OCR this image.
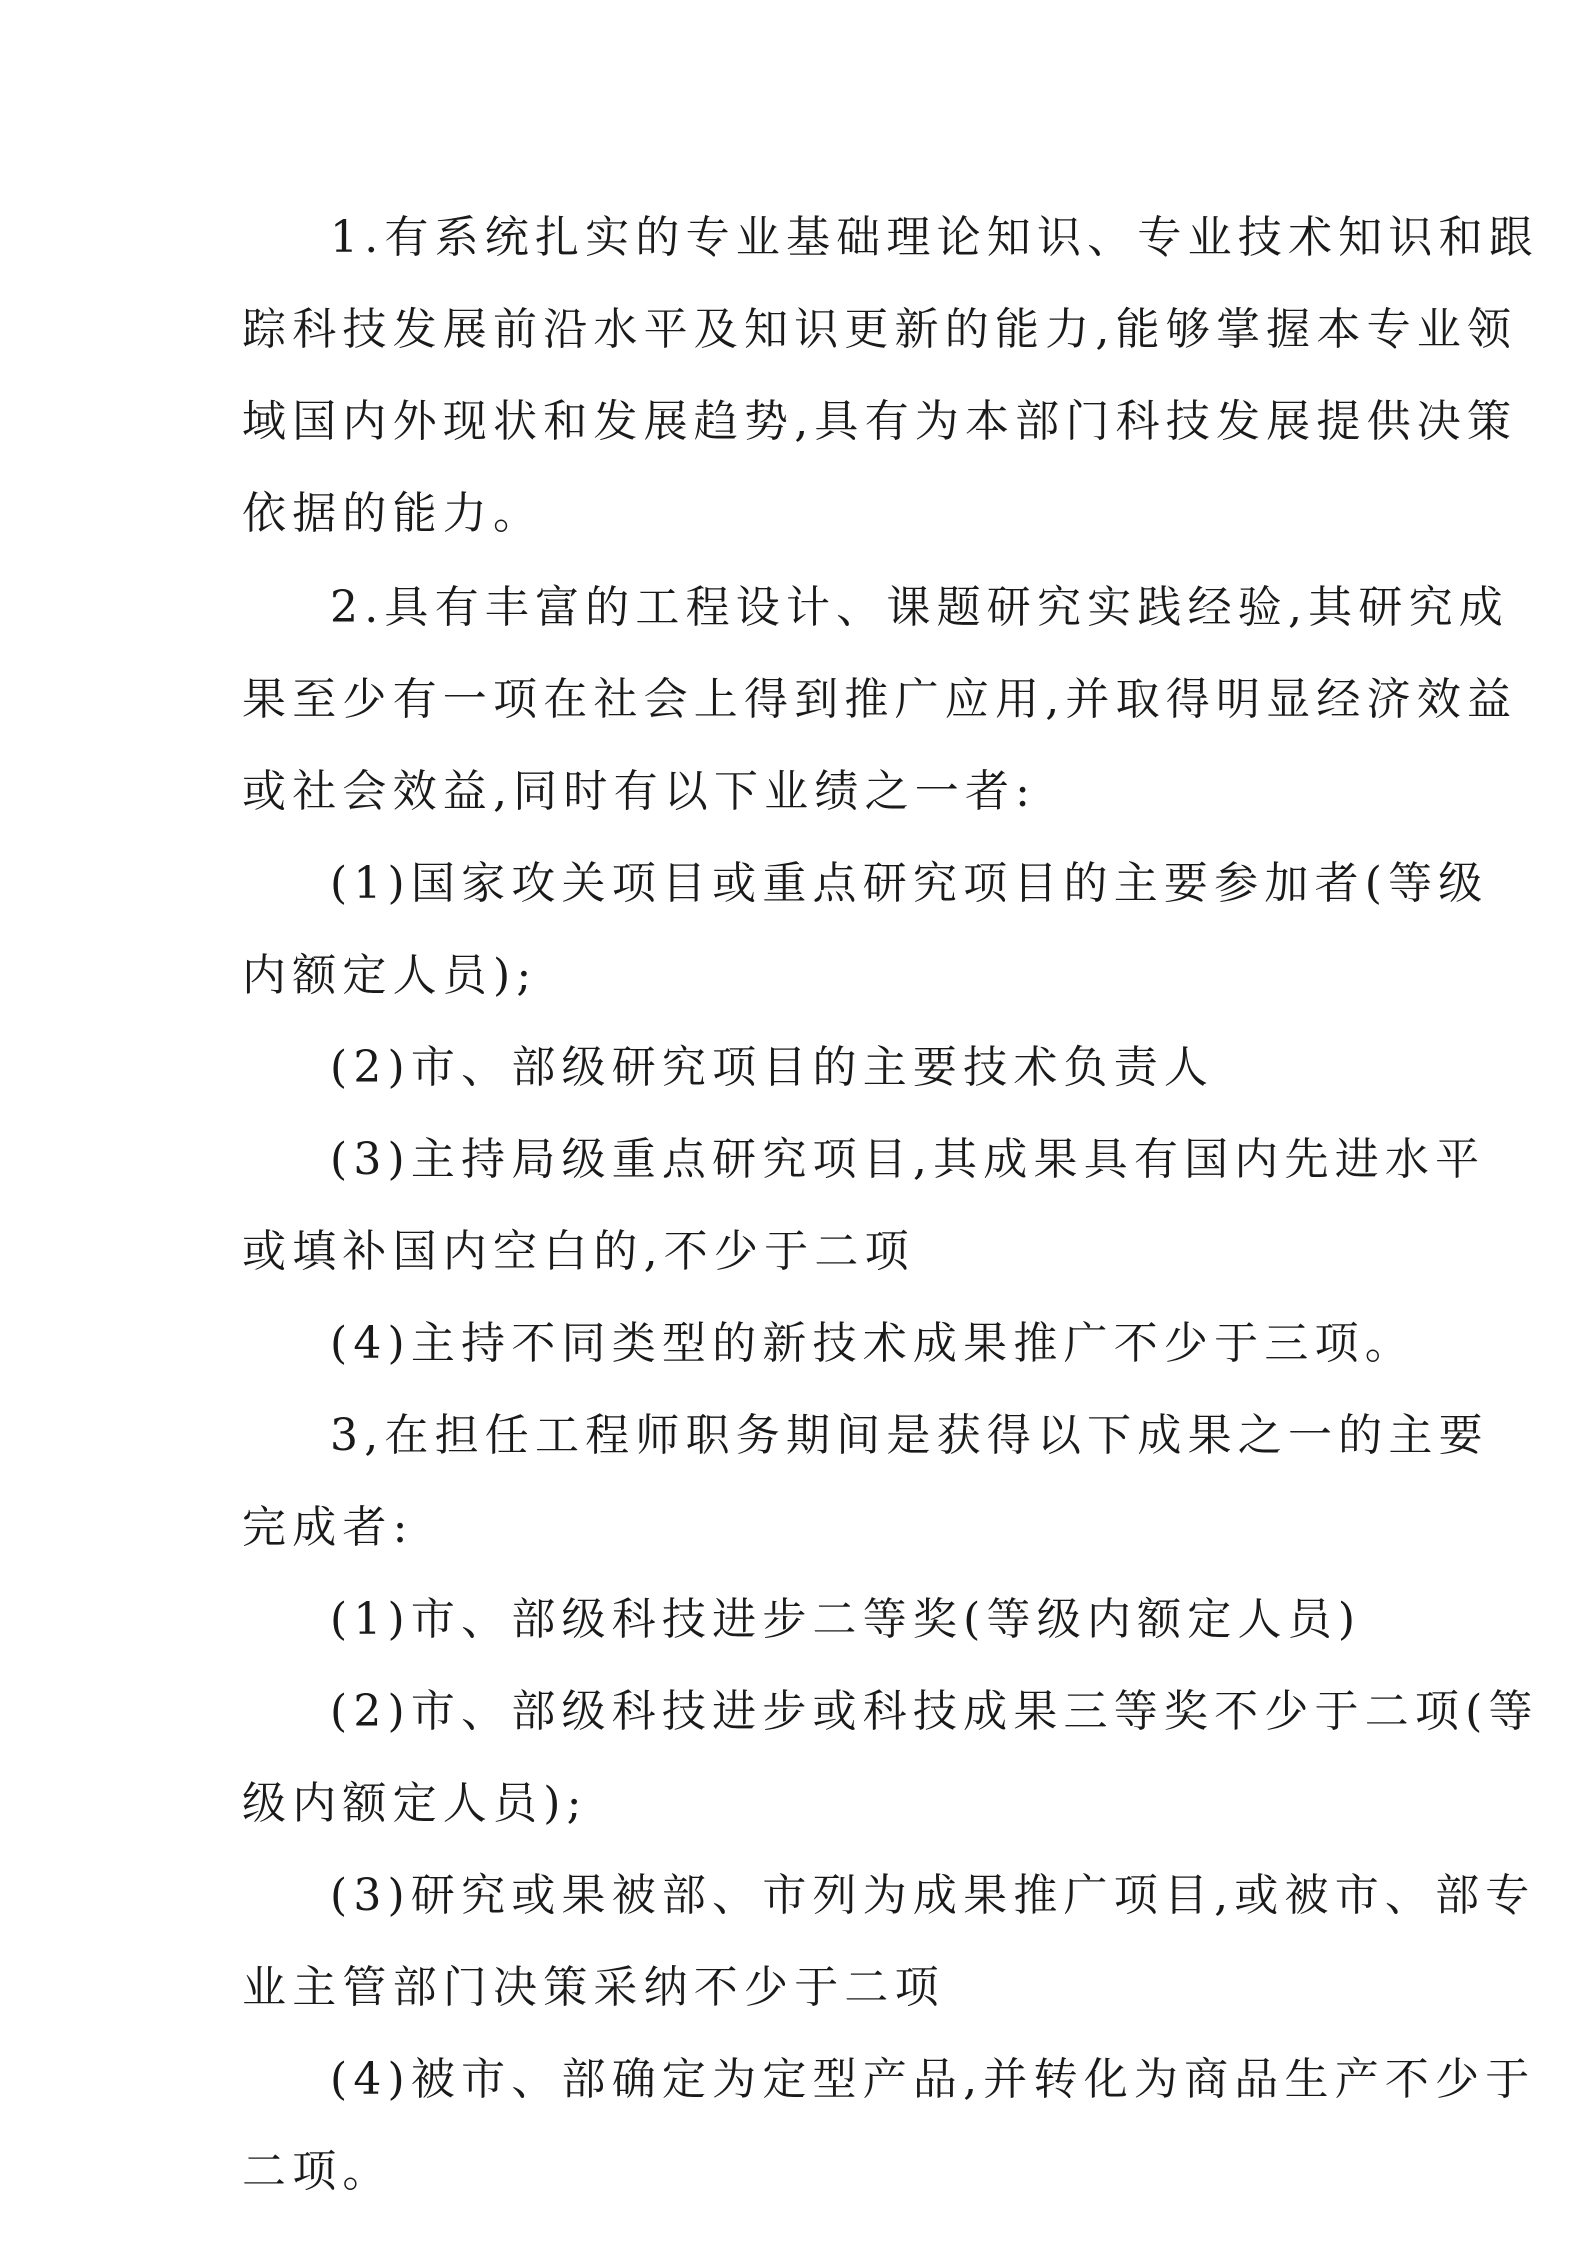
1.有系统扎实的专业基础理论知识、专业技术知识和跟

踪科技发展前沿水平及知识更新的能力,能够掌握本专业领

域国内外现状和发展趋势,具有为本部门科技发展提供决策

依据的能力。

2.具有丰富的工程设计、课题研究实践经验,其研究成

果至少有一项在社会上得到推广应用,并取得明显经济效益

或社会效益,同时有以下业绩之一者:

(1)国家攻关项目或重点研究项目的主要参加者(等级

内额定人员);

(2)市、部级研究项目的主要技术负责人

(3)主持局级重点研究项目,其成果具有国内先进水平

或填补国内空白的,不少于二项

(4)主持不同类型的新技术成果推广不少于三项。

3,在担任工程师职务期间是获得以下成果之一的主要

完成者:

(1)市、部级科技进步二等奖(等级内额定人员)

(2)市、部级科技进步或科技成果三等奖不少于二项(等

级内额定人员);

(3)研究或果被部、市列为成果推广项目,或被市、部专

业主管部门决策采纳不少于二项

(4)被市、部确定为定型产品,并转化为商品生产不少于

二项。
